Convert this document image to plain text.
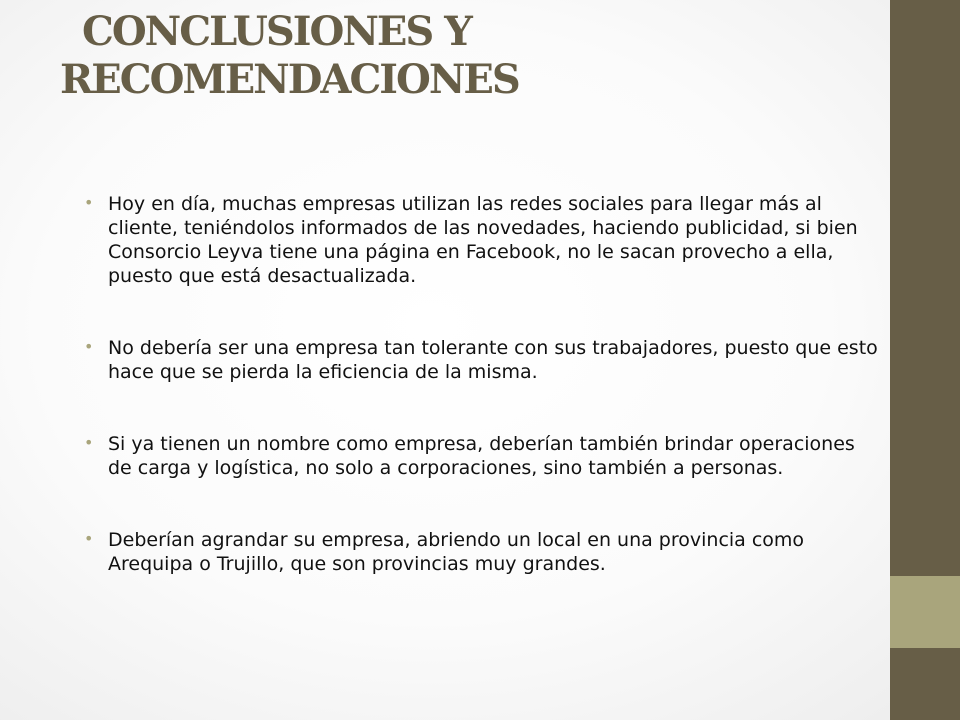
CONCLUSIONES Y
RECOMENDACIONES
• Hoy en día, muchas empresas utilizan las redes sociales para llegar más al cliente, teniéndolos informados de las novedades, haciendo publicidad, si bien Consorcio Leyva tiene una página en Facebook, no le sacan provecho a ella, puesto que está desactualizada.
• No debería ser una empresa tan tolerante con sus trabajadores, puesto que esto hace que se pierda la eficiencia de la misma.
• Si ya tienen un nombre como empresa, deberían también brindar operaciones de carga y logística, no solo a corporaciones, sino también a personas.
• Deberían agrandar su empresa, abriendo un local en una provincia como Arequipa o Trujillo, que son provincias muy grandes.
